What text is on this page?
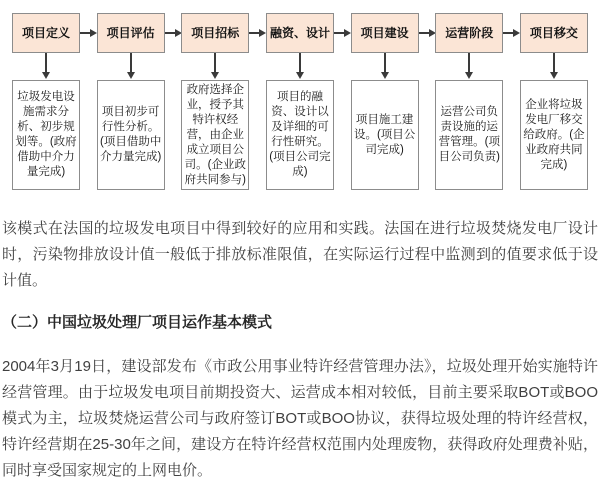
项目定义
垃圾发电设施需求分析、初步规划等。(政府借助中介力量完成)
项目评估
项目初步可行性分析。(项目借助中介力量完成)
项目招标
政府选择企业，授予其特许权经营，由企业成立项目公司。(企业政府共同参与)
融资、设计
项目的融资、设计以及详细的可行性研究。(项目公司完成)
项目建设
项目施工建设。(项目公司完成)
运营阶段
运营公司负责设施的运营管理。(项目公司负责)
项目移交
企业将垃圾发电厂移交给政府。(企业政府共同完成)

该模式在法国的垃圾发电项目中得到较好的应用和实践。法国在进行垃圾焚烧发电厂设计时，污染物排放设计值一般低于排放标准限值，在实际运行过程中监测到的值要求低于设计值。

（二）中国垃圾处理厂项目运作基本模式

2004年3月19日，建设部发布《市政公用事业特许经营管理办法》，垃圾处理开始实施特许经营管理。由于垃圾发电项目前期投资大、运营成本相对较低，目前主要采取BOT或BOO模式为主，垃圾焚烧运营公司与政府签订BOT或BOO协议，获得垃圾处理的特许经营权，特许经营期在25-30年之间，建设方在特许经营权范围内处理废物，获得政府处理费补贴，同时享受国家规定的上网电价。
